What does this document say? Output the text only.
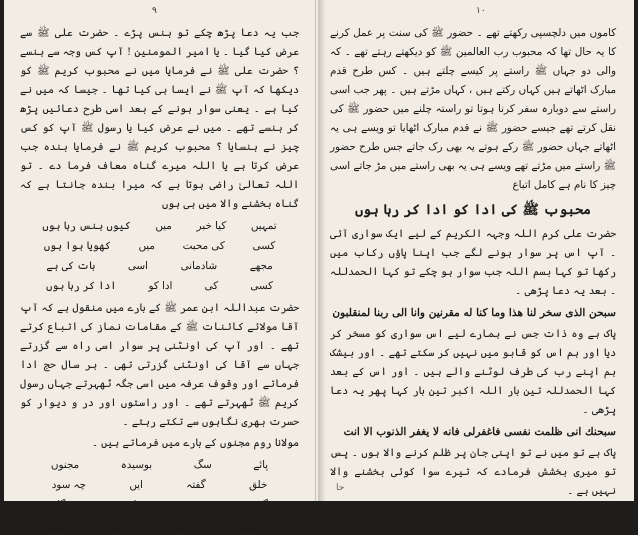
۹

جب یہ دعا پڑھ چکے تو ہنس پڑے ۔ حضرت علی ﷺ سے عرض کیا گیا ۔ یا امیر المومنین ! آپ کس وجہ سے ہنسے ؟ حضرت علی ﷺ نے فرمایا میں نے محبوب کریم ﷺ کو دیکھا کہ آپ ﷺ نے ایسا ہی کیا تھا ۔ جیسا کہ میں نے کیا ہے ۔ یعنی سوار ہونے کے بعد اسی طرح دعائیں پڑھ کر ہنسے تھے ۔ میں نے عرض کیا یا رسول ﷺ آپ کو کس چیز نے ہنسایا ؟ محبوب کریم ﷺ نے فرمایا بندہ جب عرض کرتا ہے یا اللہ میرے گناہ معاف فرما دے ۔ تو اللہ تعالیٰ راضی ہوتا ہے کہ میرا بندہ جانتا ہے کہ گناہ بخشنے والا میں ہی ہوں

تمہیں
کیا خبر
میں
کیوں ہنس رہا ہوں
کسی
کی محبت
میں
کھویا ہوا ہوں
مجھے
شادمانی
اسی
بات کی ہے
کسی
کی
ادا کو
ادا کر رہا ہوں

حضرت عبداللہ ابن عمر ﷺ کے بارے میں منقول ہے کہ آپ آقا مولائے کائنات ﷺ کے مقامات نماز کی اتباع کرتے تھے ۔ اور آپ کی اونٹنی پر سوار اسی راہ سے گزرتے جہاں سے آقا کی اونٹنی گزرتی تھی ۔ ہر سال حج ادا فرماتے اور وقوف عرفہ میں اسی جگہ ٹھہرتے جہاں رسول کریم ﷺ ٹھہرتے تھے ۔ اور راستوں اور در و دیوار کو حسرت بھری نگاہوں سے تکتے رہتے ۔

مولانا روم مجنوں کے بارے میں فرماتے ہیں ۔

پائے
سگ
بوسیدہ
مجنوں
خلق
گفتہ
ایں
چہ سود
گفتہ
مجنوں
ایں
چہ گاہ
مجنوں
گاہے
گاہے
گاہے
۱۰

کاموں میں دلچسپی رکھتے تھے ۔ حضور ﷺ کی سنت پر عمل کرنے کا یہ حال تھا کہ محبوب رب العالمین ﷺ کو دیکھتے رہتے تھے ۔ کہ والی دو جہاں ﷺ راستے پر کیسے چلتے ہیں ۔ کس طرح قدم مبارک اٹھاتے ہیں کہاں رکتے ہیں ، کہاں مڑتے ہیں ۔ پھر جب اسی راستے سے دوبارہ سفر کرنا ہوتا تو راستہ چلنے میں حضور ﷺ کی نقل کرتے تھے جیسے حضور ﷺ نے قدم مبارک اٹھایا تو ویسے ہی یہ اٹھاتے جہاں حضور ﷺ رکے ہوتے یہ بھی رک جاتے جس طرح حضور ﷺ راستے میں مڑتے تھے ویسے ہی یہ بھی راستے میں مڑ جاتے اسی چیز کا نام ہے کامل اتباع

محبوب ﷺ کی ادا کو ادا کر رہا ہوں

حضرت علی کرم اللہ وجہہ الکریم کے لیے ایک سواری آئی ۔ آپ اس پر سوار ہونے لگے جب اپنا پاؤں رکاب میں رکھا تو کہا بسم اللہ جب سوار ہو چکے تو کہا الحمدللہ ۔ بعد یہ دعا پڑھی ۔

سبحن الذی سخر لنا هذا وما كنا له مقرنین وانا الی ربنا لمنقلبون

پاک ہے وہ ذات جس نے ہمارے لیے اس سواری کو مسخر کر دیا اور ہم اس کو قابو میں نہیں کر سکتے تھے ۔ اور بیشک ہم اپنے رب کی طرف لوٹنے والے ہیں ۔ اور اس کے بعد کہا الحمدللہ تین بار اللہ اکبر تین بار کہا پھر یہ دعا پڑھی ۔

سبحنك انی ظلمت نفسی فاغفرلی فانه لا یغفر الذنوب الا انت

پاک ہے تو میں نے تو اپنی جان پر ظلم کرنے والا ہوں ۔ پس تو میری بخشش فرمادے کہ تیرے سوا کوئی بخشنے والا نہیں ہے ۔

حا
